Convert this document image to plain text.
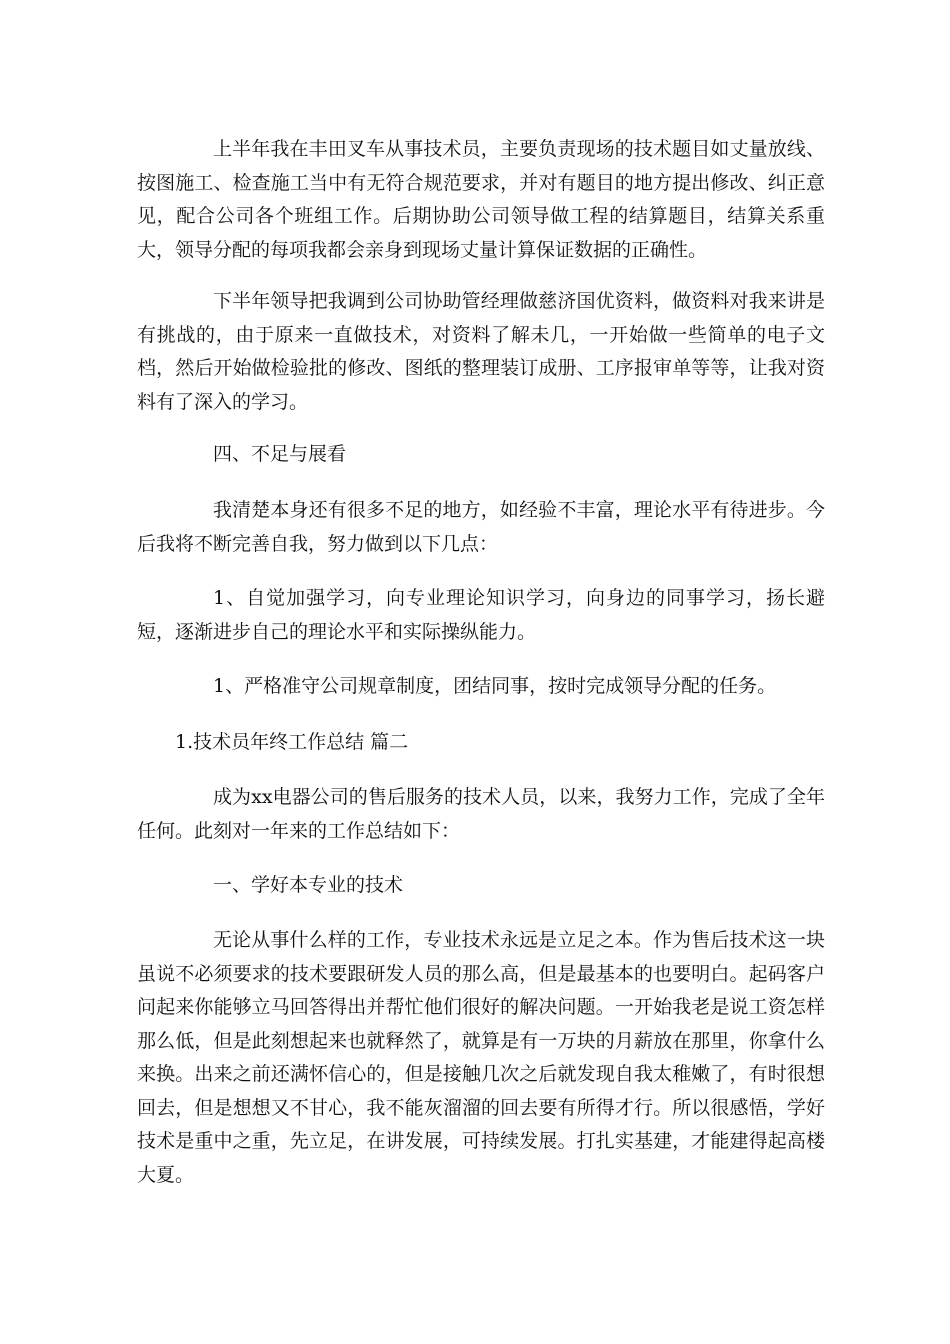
上半年我在丰田叉车从事技术员，主要负责现场的技术题目如丈量放线、按图施工、检查施工当中有无符合规范要求，并对有题目的地方提出修改、纠正意见，配合公司各个班组工作。后期协助公司领导做工程的结算题目，结算关系重大，领导分配的每项我都会亲身到现场丈量计算保证数据的正确性。

下半年领导把我调到公司协助管经理做慈济国优资料，做资料对我来讲是有挑战的，由于原来一直做技术，对资料了解未几，一开始做一些简单的电子文档，然后开始做检验批的修改、图纸的整理装订成册、工序报审单等等，让我对资料有了深入的学习。

四、不足与展看

我清楚本身还有很多不足的地方，如经验不丰富，理论水平有待进步。今后我将不断完善自我，努力做到以下几点：

1、自觉加强学习，向专业理论知识学习，向身边的同事学习，扬长避短，逐渐进步自己的理论水平和实际操纵能力。

1、严格准守公司规章制度，团结同事，按时完成领导分配的任务。

1.技术员年终工作总结 篇二

成为xx电器公司的售后服务的技术人员，以来，我努力工作，完成了全年任何。此刻对一年来的工作总结如下：

一、学好本专业的技术

无论从事什么样的工作，专业技术永远是立足之本。作为售后技术这一块虽说不必须要求的技术要跟研发人员的那么高，但是最基本的也要明白。起码客户问起来你能够立马回答得出并帮忙他们很好的解决问题。一开始我老是说工资怎样那么低，但是此刻想起来也就释然了，就算是有一万块的月薪放在那里，你拿什么来换。出来之前还满怀信心的，但是接触几次之后就发现自我太稚嫩了，有时很想回去，但是想想又不甘心，我不能灰溜溜的回去要有所得才行。所以很感悟，学好技术是重中之重，先立足，在讲发展，可持续发展。打扎实基建，才能建得起高楼大夏。
